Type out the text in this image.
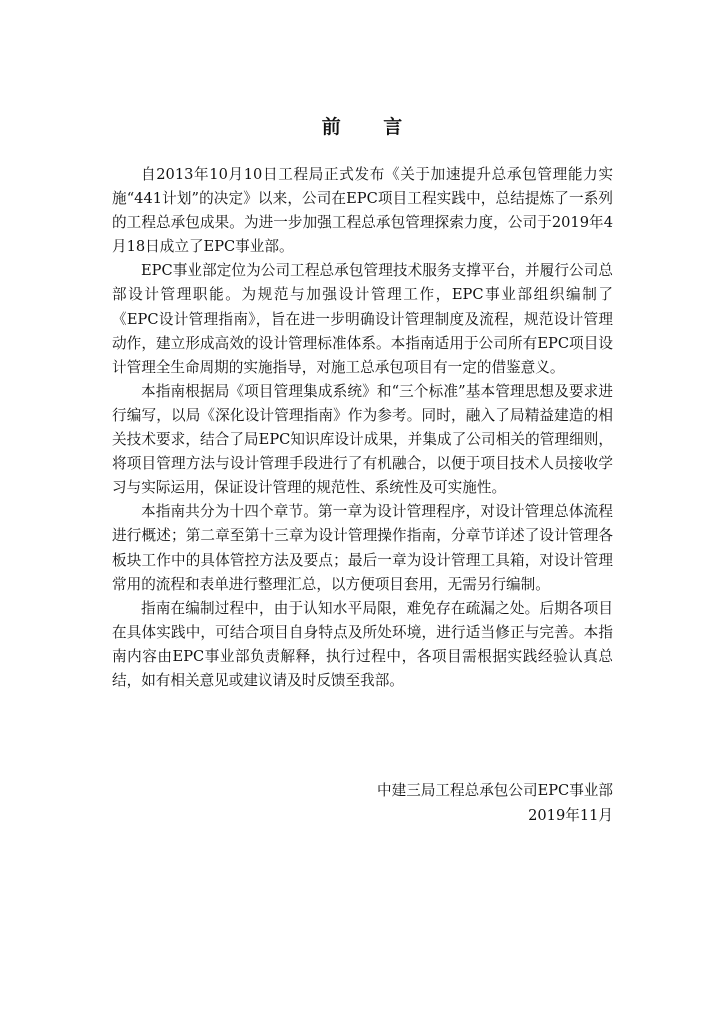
前 言

自2013年10月10日工程局正式发布《关于加速提升总承包管理能力实施“441计划”的决定》以来，公司在EPC项目工程实践中，总结提炼了一系列的工程总承包成果。为进一步加强工程总承包管理探索力度，公司于2019年4月18日成立了EPC事业部。

EPC事业部定位为公司工程总承包管理技术服务支撑平台，并履行公司总部设计管理职能。为规范与加强设计管理工作，EPC事业部组织编制了《EPC设计管理指南》，旨在进一步明确设计管理制度及流程，规范设计管理动作，建立形成高效的设计管理标准体系。本指南适用于公司所有EPC项目设计管理全生命周期的实施指导，对施工总承包项目有一定的借鉴意义。

本指南根据局《项目管理集成系统》和“三个标准”基本管理思想及要求进行编写，以局《深化设计管理指南》作为参考。同时，融入了局精益建造的相关技术要求，结合了局EPC知识库设计成果，并集成了公司相关的管理细则，将项目管理方法与设计管理手段进行了有机融合，以便于项目技术人员接收学习与实际运用，保证设计管理的规范性、系统性及可实施性。

本指南共分为十四个章节。第一章为设计管理程序，对设计管理总体流程进行概述；第二章至第十三章为设计管理操作指南，分章节详述了设计管理各板块工作中的具体管控方法及要点；最后一章为设计管理工具箱，对设计管理常用的流程和表单进行整理汇总，以方便项目套用，无需另行编制。

指南在编制过程中，由于认知水平局限，难免存在疏漏之处。后期各项目在具体实践中，可结合项目自身特点及所处环境，进行适当修正与完善。本指南内容由EPC事业部负责解释，执行过程中，各项目需根据实践经验认真总结，如有相关意见或建议请及时反馈至我部。

中建三局工程总承包公司EPC事业部
2019年11月
